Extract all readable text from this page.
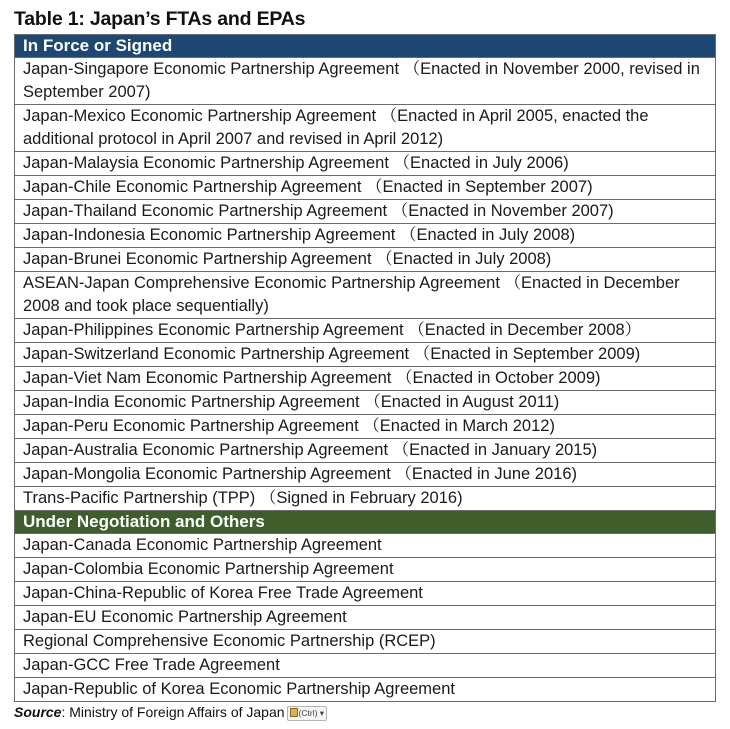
Table 1: Japan’s FTAs and EPAs
In Force or Signed
Japan-Singapore Economic Partnership Agreement （Enacted in November 2000, revised in September 2007)
Japan-Mexico Economic Partnership Agreement （Enacted in April 2005, enacted the additional protocol in April 2007 and revised in April 2012)
Japan-Malaysia Economic Partnership Agreement （Enacted in July 2006)
Japan-Chile Economic Partnership Agreement （Enacted in September 2007)
Japan-Thailand Economic Partnership Agreement （Enacted in November 2007)
Japan-Indonesia Economic Partnership Agreement （Enacted in July 2008)
Japan-Brunei Economic Partnership Agreement （Enacted in July 2008)
ASEAN-Japan Comprehensive Economic Partnership Agreement （Enacted in December 2008 and took place sequentially)
Japan-Philippines Economic Partnership Agreement （Enacted in December 2008）
Japan-Switzerland Economic Partnership Agreement （Enacted in September 2009)
Japan-Viet Nam Economic Partnership Agreement （Enacted in October 2009)
Japan-India Economic Partnership Agreement （Enacted in August 2011)
Japan-Peru Economic Partnership Agreement （Enacted in March 2012)
Japan-Australia Economic Partnership Agreement （Enacted in January 2015)
Japan-Mongolia Economic Partnership Agreement （Enacted in June 2016)
Trans-Pacific Partnership (TPP) （Signed in February 2016)
Under Negotiation and Others
Japan-Canada Economic Partnership Agreement
Japan-Colombia Economic Partnership Agreement
Japan-China-Republic of Korea Free Trade Agreement
Japan-EU Economic Partnership Agreement
Regional Comprehensive Economic Partnership (RCEP)
Japan-GCC Free Trade Agreement
Japan-Republic of Korea Economic Partnership Agreement
Source: Ministry of Foreign Affairs of Japan (Ctrl) ▾
